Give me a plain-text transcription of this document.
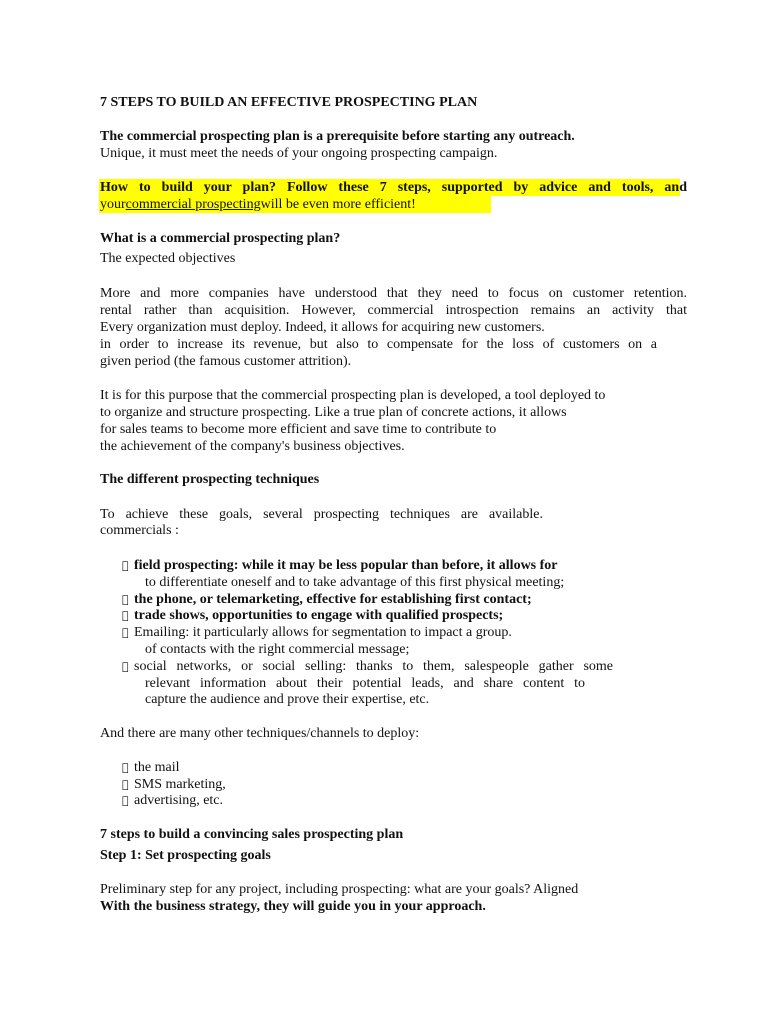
7 STEPS TO BUILD AN EFFECTIVE PROSPECTING PLAN
The commercial prospecting plan is a prerequisite before starting any outreach.
Unique, it must meet the needs of your ongoing prospecting campaign.
How to build your plan? Follow these 7 steps, supported by advice and tools, and
yourcommercial prospectingwill be even more efficient!
What is a commercial prospecting plan?
The expected objectives
More and more companies have understood that they need to focus on customer retention.
rental rather than acquisition. However, commercial introspection remains an activity that
Every organization must deploy. Indeed, it allows for acquiring new customers.
in order to increase its revenue, but also to compensate for the loss of customers on a
given period (the famous customer attrition).
It is for this purpose that the commercial prospecting plan is developed, a tool deployed to
to organize and structure prospecting. Like a true plan of concrete actions, it allows
for sales teams to become more efficient and save time to contribute to
the achievement of the company's business objectives.
The different prospecting techniques
To achieve these goals, several prospecting techniques are available.
commercials :
field prospecting: while it may be less popular than before, it allows for
to differentiate oneself and to take advantage of this first physical meeting;
the phone, or telemarketing, effective for establishing first contact;
trade shows, opportunities to engage with qualified prospects;
Emailing: it particularly allows for segmentation to impact a group.
of contacts with the right commercial message;
social networks, or social selling: thanks to them, salespeople gather some
relevant information about their potential leads, and share content to
capture the audience and prove their expertise, etc.
And there are many other techniques/channels to deploy:
the mail
SMS marketing,
advertising, etc.
7 steps to build a convincing sales prospecting plan
Step 1: Set prospecting goals
Preliminary step for any project, including prospecting: what are your goals? Aligned
With the business strategy, they will guide you in your approach.
